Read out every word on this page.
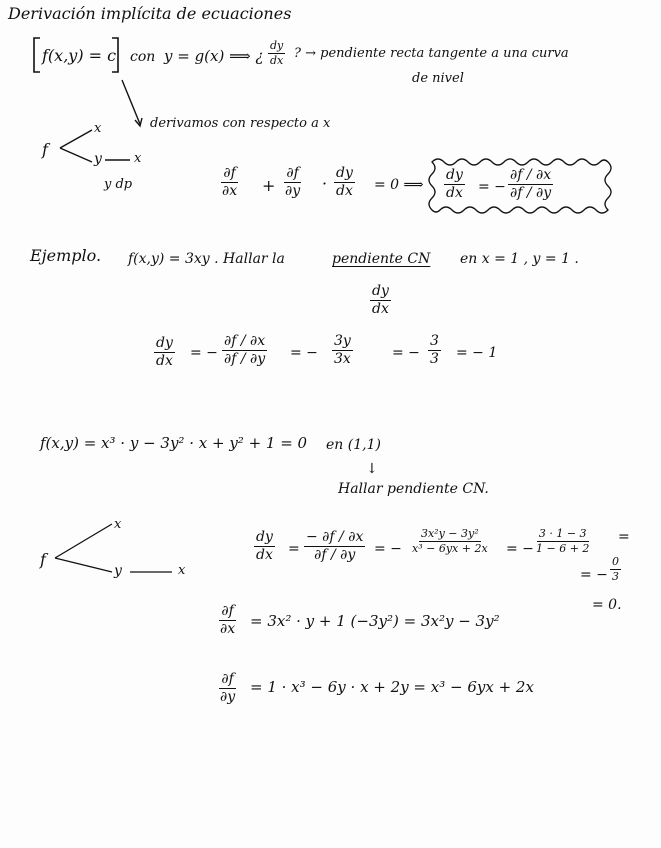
Derivación implícita de ecuaciones
f(x,y) = c con y = g(x) ⟹ ¿ $\frac{dy}{dx}$ ? → pendiente recta tangente a una curva
de nivel
derivamos con respecto a x
f
x
y x
y dp	$\frac{\partial f}{\partial x} + \frac{\partial f}{\partial y} \cdot \frac{dy}{dx} = 0$ ⟹ $\frac{dy}{dx}$ = − $\frac{\partial f / \partial x}{\partial f / \partial y}$
Ejemplo. f(x,y) = 3xy . Hallar la	pendiente CN en x = 1 , y = 1 .
$\frac{dy}{dx}$
$\frac{dy}{dx}$ = − $\frac{\partial f / \partial x}{\partial f / \partial y}$ = − $\frac{3y}{3x}$	= − $\frac{3}{3}$ = − 1
f(x,y) = x³ · y − 3y² · x + y² + 1 = 0 en (1,1)
↓
Hallar pendiente CN.
f
x
y	x
$\frac{dy}{dx} = \frac{- \partial f / \partial x}{\partial f / \partial y}$ = − $\frac{\text{3x²y − 3y²}}{\text{x³ − 6yx + 2x}}$ = − $\frac{3 \cdot 1 - 3}{1 - 6 + 2}$ =
= − $\frac{0}{3}$
= 0.
$\frac{\partial f}{\partial x} = 3x^2 \cdot y + 1$ (−3y²) = 3x²y − 3y²
$\frac{\partial f}{\partial y} = 1 \cdot x^3 - 6y \cdot x + 2y = x^3 - 6yx + 2x$
